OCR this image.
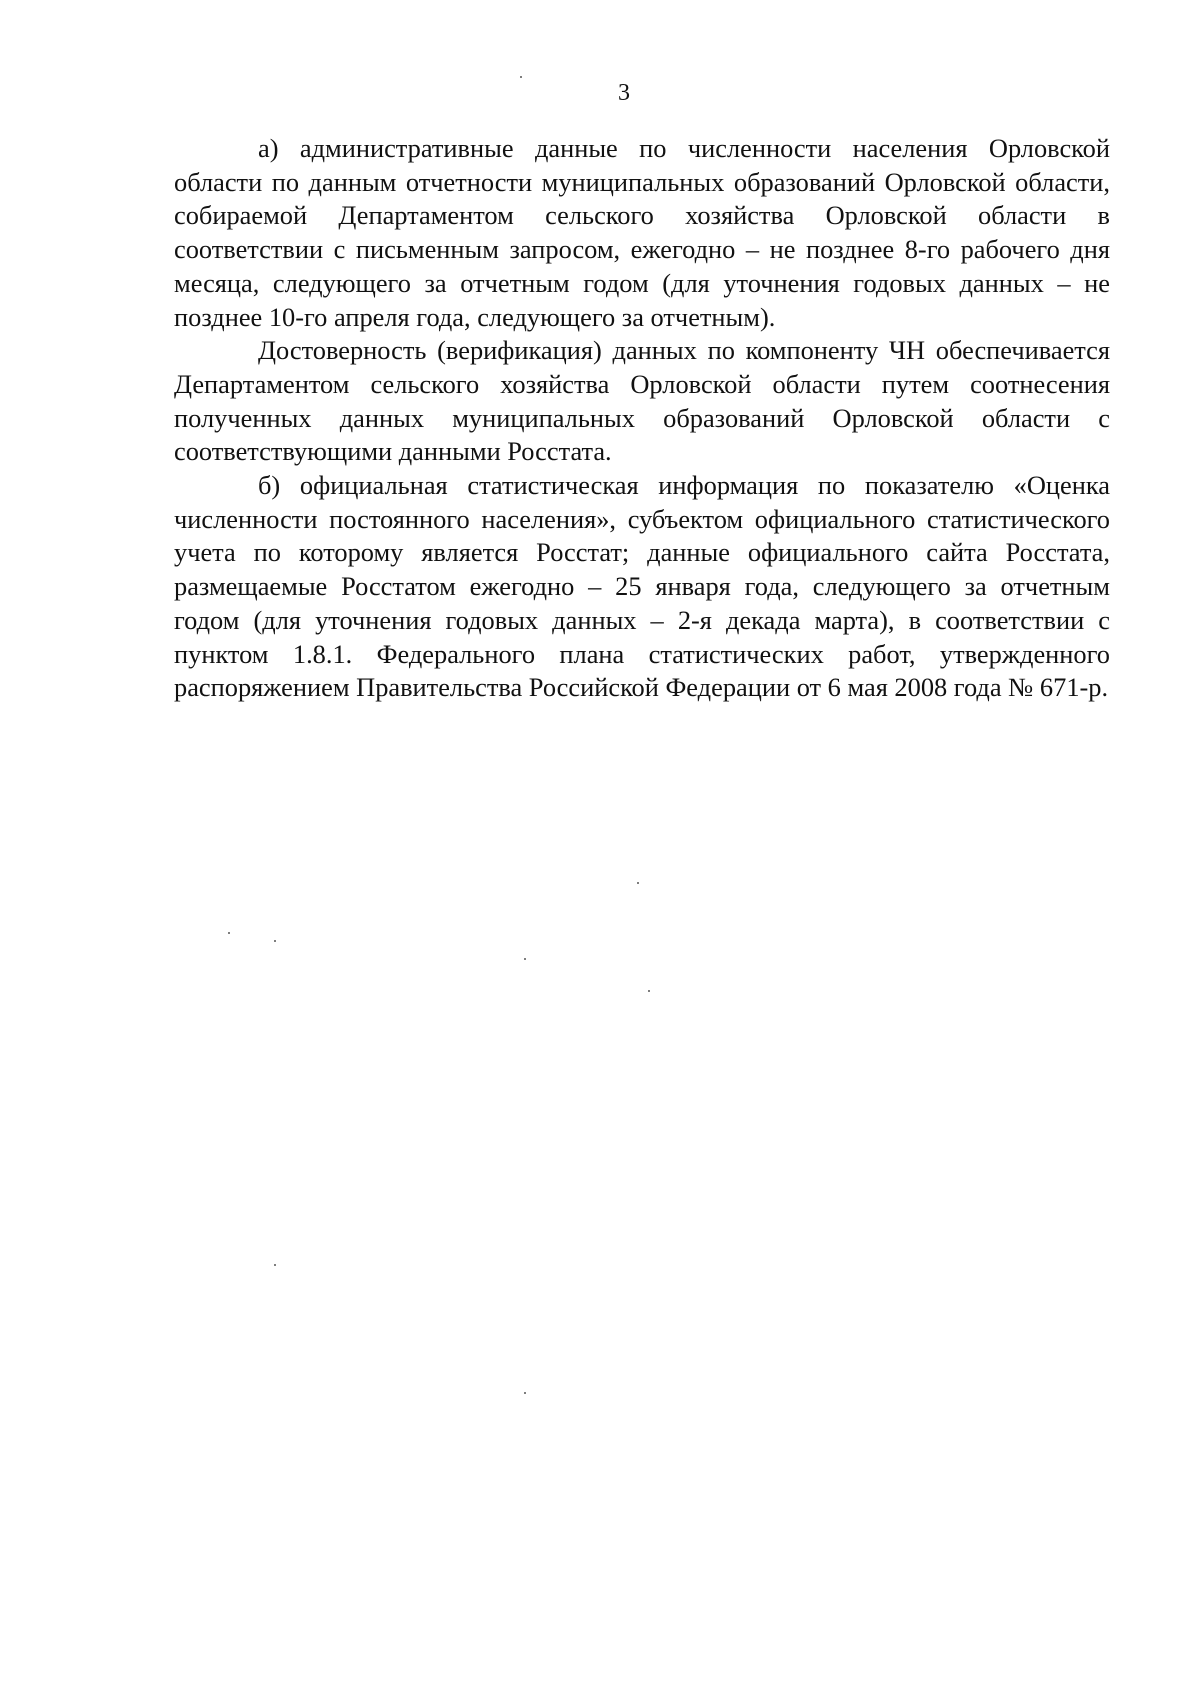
3

а) административные данные по численности населения Орловской области по данным отчетности муниципальных образований Орловской области, собираемой Департаментом сельского хозяйства Орловской области в соответствии с письменным запросом, ежегодно – не позднее 8-го рабочего дня месяца, следующего за отчетным годом (для уточнения годовых данных – не позднее 10-го апреля года, следующего за отчетным).

Достоверность (верификация) данных по компоненту ЧН обеспечивается Департаментом сельского хозяйства Орловской области путем соотнесения полученных данных муниципальных образований Орловской области с соответствующими данными Росстата.

б) официальная статистическая информация по показателю «Оценка численности постоянного населения», субъектом официального статистического учета по которому является Росстат; данные официального сайта Росстата, размещаемые Росстатом ежегодно – 25 января года, следующего за отчетным годом (для уточнения годовых данных – 2-я декада марта), в соответствии с пунктом 1.8.1. Федерального плана статистических работ, утвержденного распоряжением Правительства Российской Федерации от 6 мая 2008 года № 671-р.
